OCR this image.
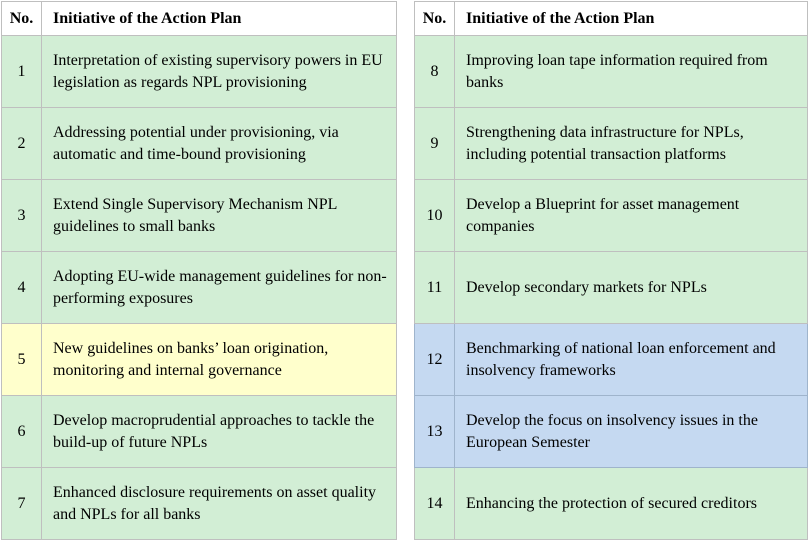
No.	Initiative of the Action Plan
1	Interpretation of existing supervisory powers in EU legislation as regards NPL provisioning
2	Addressing potential under provisioning, via automatic and time-bound provisioning
3	Extend Single Supervisory Mechanism NPL guidelines to small banks
4	Adopting EU-wide management guidelines for non-performing exposures
5	New guidelines on banks’ loan origination, monitoring and internal governance
6	Develop macroprudential approaches to tackle the build-up of future NPLs
7	Enhanced disclosure requirements on asset quality and NPLs for all banks
No.	Initiative of the Action Plan
8	Improving loan tape information required from banks
9	Strengthening data infrastructure for NPLs, including potential transaction platforms
10	Develop a Blueprint for asset management companies
11	Develop secondary markets for NPLs
12	Benchmarking of national loan enforcement and insolvency frameworks
13	Develop the focus on insolvency issues in the European Semester
14	Enhancing the protection of secured creditors
